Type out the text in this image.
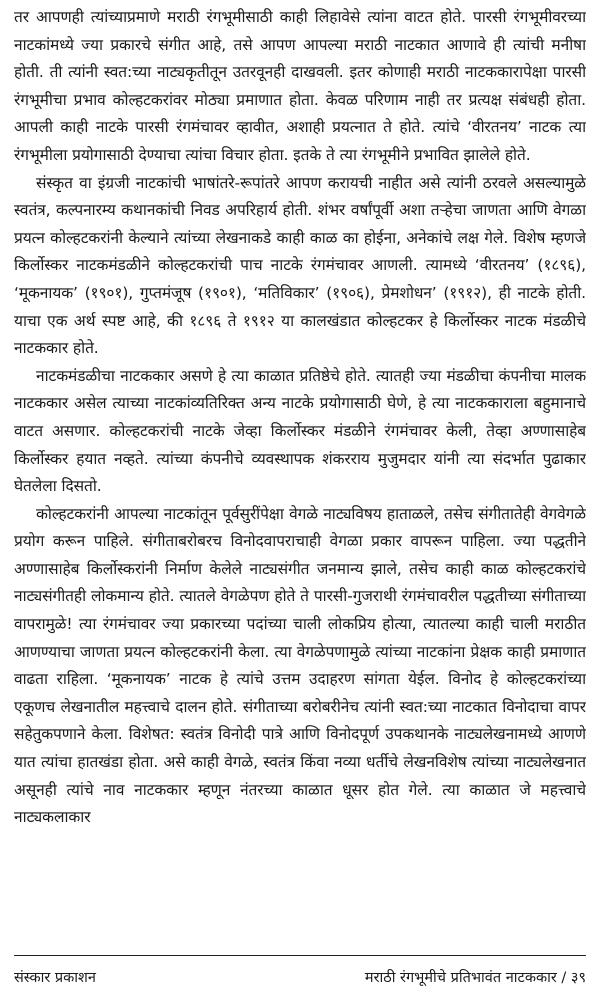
तर आपणही त्यांच्याप्रमाणे मराठी रंगभूमीसाठी काही लिहावेसे त्यांना वाटत होते. पारसी रंगभूमीवरच्या नाटकांमध्ये ज्या प्रकारचे संगीत आहे, तसे आपण आपल्या मराठी नाटकात आणावे ही त्यांची मनीषा होती. ती त्यांनी स्वत:च्या नाट्यकृतीतून उतरवूनही दाखवली. इतर कोणाही मराठी नाटककारापेक्षा पारसी रंगभूमीचा प्रभाव कोल्हटकरांवर मोठ्या प्रमाणात होता. केवळ परिणाम नाही तर प्रत्यक्ष संबंधही होता. आपली काही नाटके पारसी रंगमंचावर व्हावीत, अशाही प्रयत्नात ते होते. त्यांचे ‘वीरतनय’ नाटक त्या रंगभूमीला प्रयोगासाठी देण्याचा त्यांचा विचार होता. इतके ते त्या रंगभूमीने प्रभावित झालेले होते.

संस्कृत वा इंग्रजी नाटकांची भाषांतरे-रूपांतरे आपण करायची नाहीत असे त्यांनी ठरवले असल्यामुळे स्वतंत्र, कल्पनारम्य कथानकांची निवड अपरिहार्य होती. शंभर वर्षांपूर्वी अशा तऱ्हेचा जाणता आणि वेगळा प्रयत्न कोल्हटकरांनी केल्याने त्यांच्या लेखनाकडे काही काळ का होईना, अनेकांचे लक्ष गेले. विशेष म्हणजे किर्लोस्कर नाटकमंडळीने कोल्हटकरांची पाच नाटके रंगमंचावर आणली. त्यामध्ये ‘वीरतनय’ (१८९६), ‘मूकनायक’ (१९०१), गुप्तमंजूष (१९०१), ‘मतिविकार’ (१९०६), प्रेमशोधन’ (१९१२), ही नाटके होती. याचा एक अर्थ स्पष्ट आहे, की १८९६ ते १९१२ या कालखंडात कोल्हटकर हे किर्लोस्कर नाटक मंडळीचे नाटककार होते.

नाटकमंडळीचा नाटककार असणे हे त्या काळात प्रतिष्ठेचे होते. त्यातही ज्या मंडळीचा कंपनीचा मालक नाटककार असेल त्याच्या नाटकांव्यतिरिक्त अन्य नाटके प्रयोगासाठी घेणे, हे त्या नाटककाराला बहुमानाचे वाटत असणार. कोल्हटकरांची नाटके जेव्हा किर्लोस्कर मंडळीने रंगमंचावर केली, तेव्हा अण्णासाहेब किर्लोस्कर हयात नव्हते. त्यांच्या कंपनीचे व्यवस्थापक शंकरराय मुजुमदार यांनी त्या संदर्भात पुढाकार घेतलेला दिसतो.

कोल्हटकरांनी आपल्या नाटकांतून पूर्वसुरींपेक्षा वेगळे नाट्यविषय हाताळले, तसेच संगीतातेही वेगवेगळे प्रयोग करून पाहिले. संगीताबरोबरच विनोदवापराचाही वेगळा प्रकार वापरून पाहिला. ज्या पद्धतीने अण्णासाहेब किर्लोस्करांनी निर्माण केलेले नाट्यसंगीत जनमान्य झाले, तसेच काही काळ कोल्हटकरांचे नाट्यसंगीतही लोकमान्य होते. त्यातले वेगळेपण होते ते पारसी-गुजराथी रंगमंचावरील पद्धतीच्या संगीताच्या वापरामुळे! त्या रंगमंचावर ज्या प्रकारच्या पदांच्या चाली लोकप्रिय होत्या, त्यातल्या काही चाली मराठीत आणण्याचा जाणता प्रयत्न कोल्हटकरांनी केला. त्या वेगळेपणामुळे त्यांच्या नाटकांना प्रेक्षक काही प्रमाणात वाढता राहिला. ‘मूकनायक’ नाटक हे त्यांचे उत्तम उदाहरण सांगता येईल. विनोद हे कोल्हटकरांच्या एकूणच लेखनातील महत्त्वाचे दालन होते. संगीताच्या बरोबरीनेच त्यांनी स्वत:च्या नाटकात विनोदाचा वापर सहेतुकपणाने केला. विशेषत: स्वतंत्र विनोदी पात्रे आणि विनोदपूर्ण उपकथानके नाट्यलेखनामध्ये आणणे यात त्यांचा हातखंडा होता. असे काही वेगळे, स्वतंत्र किंवा नव्या धर्तीचे लेखनविशेष त्यांच्या नाट्यलेखनात असूनही त्यांचे नाव नाटककार म्हणून नंतरच्या काळात धूसर होत गेले. त्या काळात जे महत्त्वाचे नाट्यकलाकार

संस्कार प्रकाशन	मराठी रंगभूमीचे प्रतिभावंत नाटककार / ३९
